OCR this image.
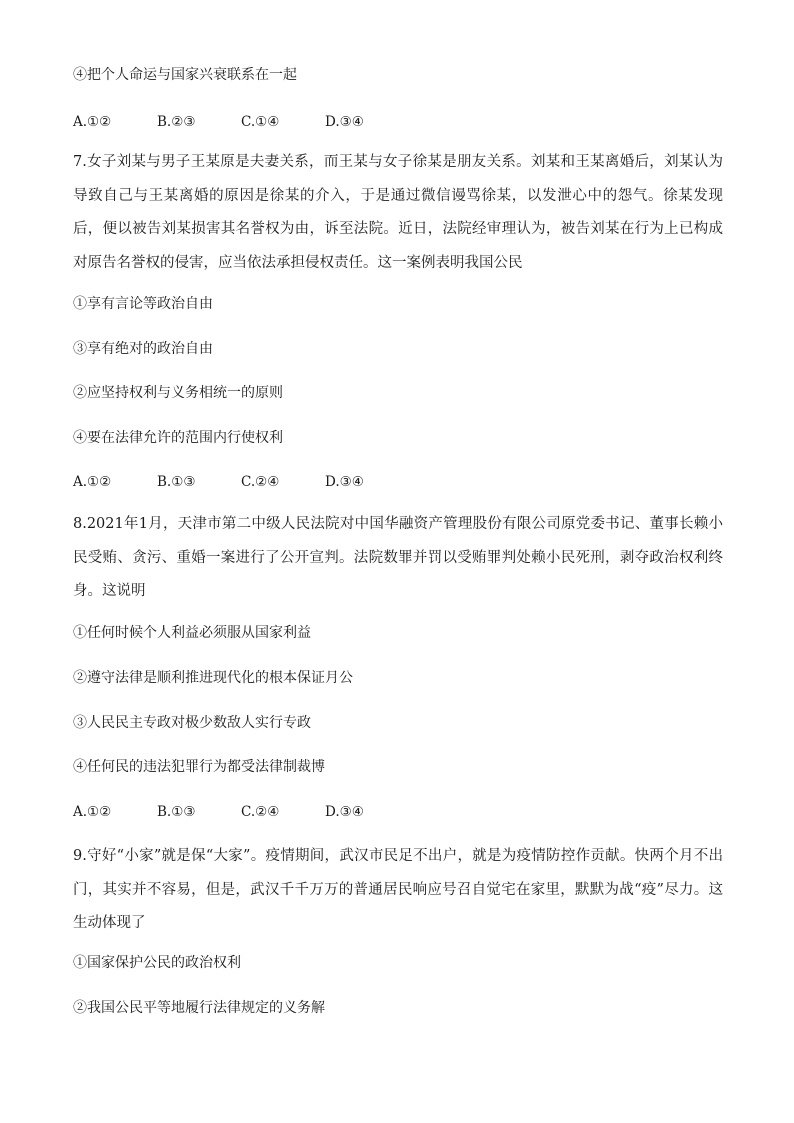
④把个人命运与国家兴衰联系在一起
A.①②	B.②③	C.①④	D.③④
7.女子刘某与男子王某原是夫妻关系，而王某与女子徐某是朋友关系。刘某和王某离婚后，刘某认为导致自己与王某离婚的原因是徐某的介入，于是通过微信谩骂徐某，以发泄心中的怨气。徐某发现后，便以被告刘某损害其名誉权为由，诉至法院。近日，法院经审理认为，被告刘某在行为上已构成对原告名誉权的侵害，应当依法承担侵权责任。这一案例表明我国公民
①享有言论等政治自由
③享有绝对的政治自由
②应坚持权利与义务相统一的原则
④要在法律允许的范围内行使权利
A.①②	B.①③	C.②④	D.③④
8.2021年1月，天津市第二中级人民法院对中国华融资产管理股份有限公司原党委书记、董事长赖小民受贿、贪污、重婚一案进行了公开宣判。法院数罪并罚以受贿罪判处赖小民死刑，剥夺政治权利终身。这说明
①任何时候个人利益必须服从国家利益
②遵守法律是顺利推进现代化的根本保证月公
③人民民主专政对极少数敌人实行专政
④任何民的违法犯罪行为都受法律制裁博
A.①②	B.①③	C.②④	D.③④
9.守好“小家”就是保“大家”。疫情期间，武汉市民足不出户，就是为疫情防控作贡献。快两个月不出门，其实并不容易，但是，武汉千千万万的普通居民响应号召自觉宅在家里，默默为战“疫”尽力。这生动体现了
①国家保护公民的政治权利
②我国公民平等地履行法律规定的义务解
